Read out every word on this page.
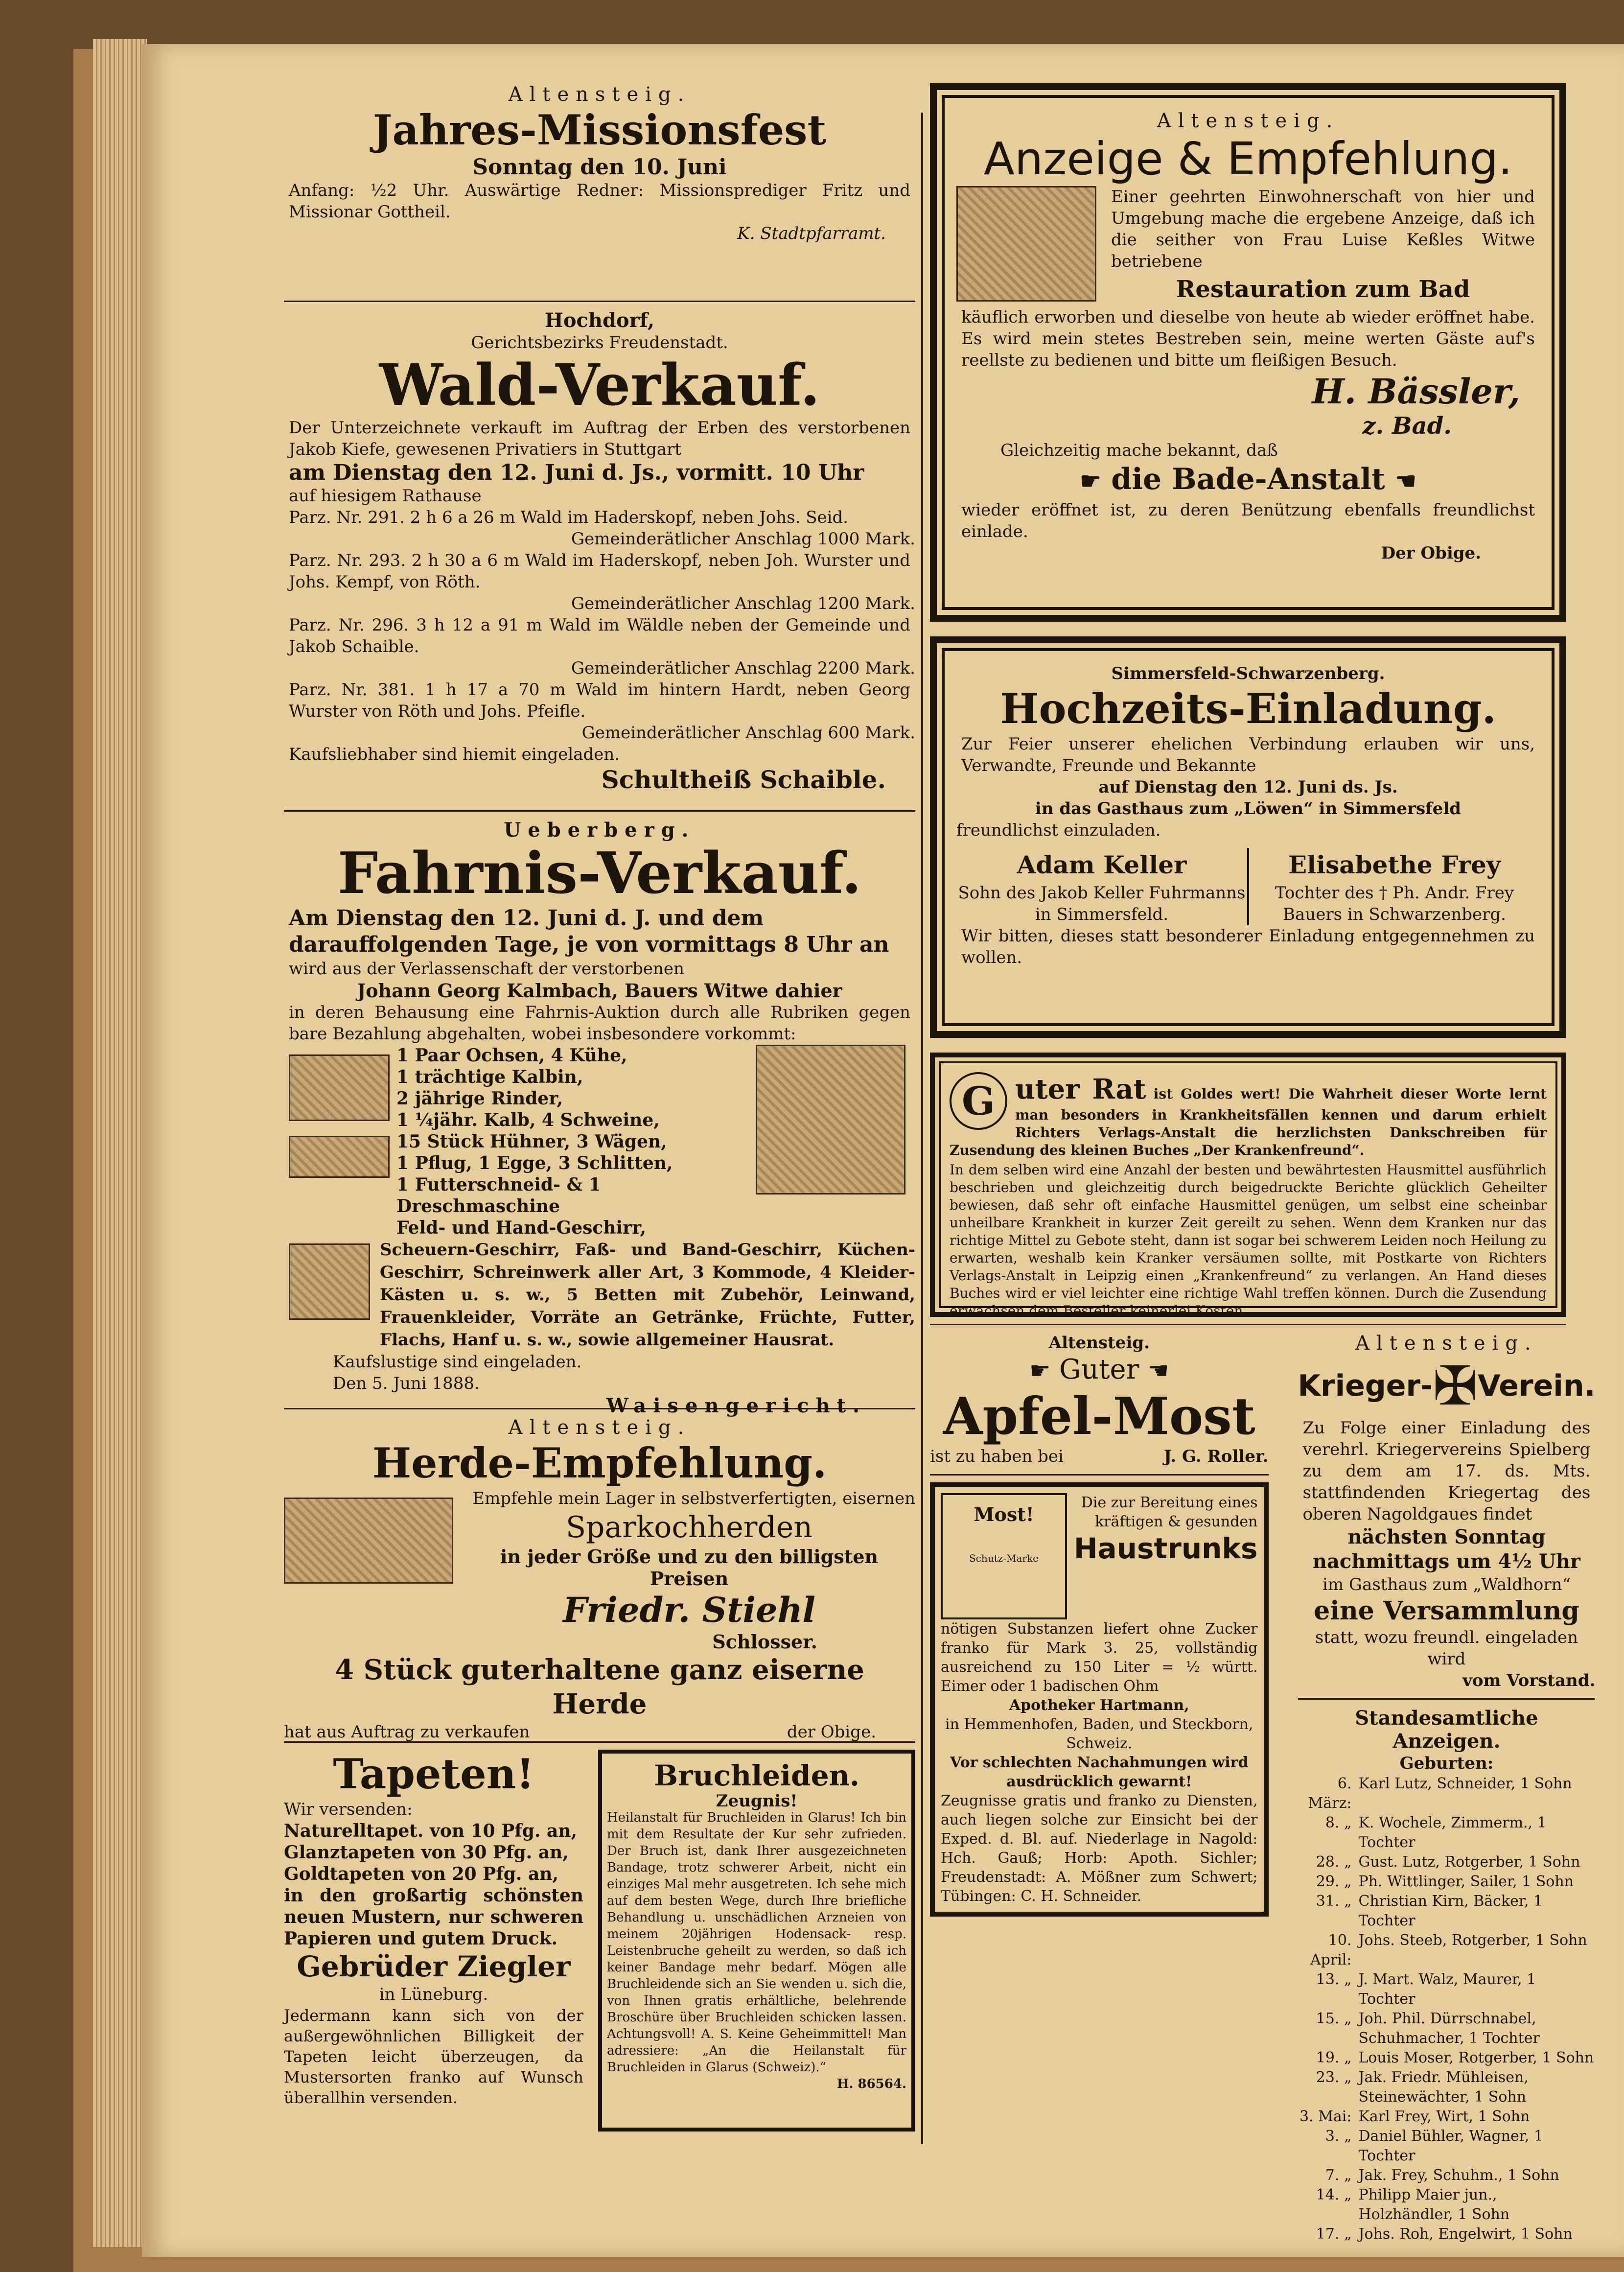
Altensteig.
Jahres-Missionsfest
Sonntag den 10. Juni
Anfang: ½2 Uhr. Auswärtige Redner: Missionsprediger Fritz und Missionar Gottheil.
K. Stadtpfarramt.
Hochdorf,
Gerichtsbezirks Freudenstadt.
Wald-Verkauf.
Der Unterzeichnete verkauft im Auftrag der Erben des verstorbenen Jakob Kiefe, gewesenen Privatiers in Stuttgart
am Dienstag den 12. Juni d. Js., vormitt. 10 Uhr
auf hiesigem Rathause
Parz. Nr. 291. 2 h 6 a 26 m Wald im Haderskopf, neben Johs. Seid.
Gemeinderätlicher Anschlag 1000 Mark.
Parz. Nr. 293. 2 h 30 a 6 m Wald im Haderskopf, neben Joh. Wurster und Johs. Kempf, von Röth.
Gemeinderätlicher Anschlag 1200 Mark.
Parz. Nr. 296. 3 h 12 a 91 m Wald im Wäldle neben der Gemeinde und Jakob Schaible.
Gemeinderätlicher Anschlag 2200 Mark.
Parz. Nr. 381. 1 h 17 a 70 m Wald im hintern Hardt, neben Georg Wurster von Röth und Johs. Pfeifle.
Gemeinderätlicher Anschlag 600 Mark.
Kaufsliebhaber sind hiemit eingeladen.
Schultheiß Schaible.
Ueberberg.
Fahrnis-Verkauf.
Am Dienstag den 12. Juni d. J. und dem darauffolgenden Tage, je von vormittags 8 Uhr an
wird aus der Verlassenschaft der verstorbenen
Johann Georg Kalmbach, Bauers Witwe dahier
in deren Behausung eine Fahrnis-Auktion durch alle Rubriken gegen bare Bezahlung abgehalten, wobei insbesondere vorkommt:
1 Paar Ochsen, 4 Kühe,
1 trächtige Kalbin,
2 jährige Rinder,
1 ¼jähr. Kalb, 4 Schweine,
15 Stück Hühner, 3 Wägen,
1 Pflug, 1 Egge, 3 Schlitten,
1 Futterschneid- & 1 Dreschmaschine
Feld- und Hand-Geschirr,
Scheuern-Geschirr, Faß- und Band-Geschirr, Küchen-Geschirr, Schreinwerk aller Art, 3 Kommode, 4 Kleider-Kästen u. s. w., 5 Betten mit Zubehör, Leinwand, Frauenkleider, Vorräte an Getränke, Früchte, Futter, Flachs, Hanf u. s. w., sowie allgemeiner Hausrat.
Kaufslustige sind eingeladen.
Den 5. Juni 1888.
Waisengericht.
Altensteig.
Herde-Empfehlung.
Empfehle mein Lager in selbstverfertigten, eisernen
Sparkochherden
in jeder Größe und zu den billigsten Preisen
Friedr. Stiehl
Schlosser.
4 Stück guterhaltene ganz eiserne Herde
hat aus Auftrag zu verkaufen	der Obige.
Tapeten!
Wir versenden:
Naturelltapet. von 10 Pfg. an,
Glanztapeten von 30 Pfg. an,
Goldtapeten von 20 Pfg. an,
in den großartig schönsten neuen Mustern, nur schweren Papieren und gutem Druck.
Gebrüder Ziegler
in Lüneburg.
Jedermann kann sich von der außergewöhnlichen Billigkeit der Tapeten leicht überzeugen, da Mustersorten franko auf Wunsch überallhin versenden.
Bruchleiden.
Zeugnis!
Heilanstalt für Bruchleiden in Glarus! Ich bin mit dem Resultate der Kur sehr zufrieden. Der Bruch ist, dank Ihrer ausgezeichneten Bandage, trotz schwerer Arbeit, nicht ein einziges Mal mehr ausgetreten. Ich sehe mich auf dem besten Wege, durch Ihre briefliche Behandlung u. unschädlichen Arzneien von meinem 20jährigen Hodensack- resp. Leistenbruche geheilt zu werden, so daß ich keiner Bandage mehr bedarf. Mögen alle Bruchleidende sich an Sie wenden u. sich die, von Ihnen gratis erhältliche, belehrende Broschüre über Bruchleiden schicken lassen. Achtungsvoll! A. S. Keine Geheimmittel! Man adressiere: „An die Heilanstalt für Bruchleiden in Glarus (Schweiz).“
H. 86564.
Altensteig.
Anzeige & Empfehlung.
Einer geehrten Einwohnerschaft von hier und Umgebung mache die ergebene Anzeige, daß ich die seither von Frau Luise Keßles Witwe betriebene
Restauration zum Bad
käuflich erworben und dieselbe von heute ab wieder eröffnet habe. Es wird mein stetes Bestreben sein, meine werten Gäste auf's reellste zu bedienen und bitte um fleißigen Besuch.
H. Bässler,
z. Bad.
Gleichzeitig mache bekannt, daß
☛ die Bade-Anstalt ☚
wieder eröffnet ist, zu deren Benützung ebenfalls freundlichst einlade.
Der Obige.
Simmersfeld-Schwarzenberg.
Hochzeits-Einladung.
Zur Feier unserer ehelichen Verbindung erlauben wir uns, Verwandte, Freunde und Bekannte
auf Dienstag den 12. Juni ds. Js.
in das Gasthaus zum „Löwen“ in Simmersfeld
freundlichst einzuladen.
Adam Keller
Sohn des Jakob Keller Fuhrmanns in Simmersfeld.
Elisabethe Frey
Tochter des † Ph. Andr. Frey Bauers in Schwarzenberg.
Wir bitten, dieses statt besonderer Einladung entgegennehmen zu wollen.
G uter Rat ist Goldes wert! Die Wahrheit dieser Worte lernt man besonders in Krankheitsfällen kennen und darum erhielt Richters Verlags-Anstalt die herzlichsten Dankschreiben für Zusendung des kleinen Buches „Der Krankenfreund“.
In dem selben wird eine Anzahl der besten und bewährtesten Hausmittel ausführlich beschrieben und gleichzeitig durch beigedruckte Berichte glücklich Geheilter bewiesen, daß sehr oft einfache Hausmittel genügen, um selbst eine scheinbar unheilbare Krankheit in kurzer Zeit gereilt zu sehen. Wenn dem Kranken nur das richtige Mittel zu Gebote steht, dann ist sogar bei schwerem Leiden noch Heilung zu erwarten, weshalb kein Kranker versäumen sollte, mit Postkarte von Richters Verlags-Anstalt in Leipzig einen „Krankenfreund“ zu verlangen. An Hand dieses Buches wird er viel leichter eine richtige Wahl treffen können. Durch die Zusendung erwachsen dem Besteller keinerlei Kosten.
Altensteig.
☛ Guter ☚
Apfel-Most
ist zu haben bei	J. G. Roller.
Most!
Schutz-Marke
Die zur Bereitung eines kräftigen & gesunden
Haustrunks
nötigen Substanzen liefert ohne Zucker franko für Mark 3. 25, vollständig ausreichend zu 150 Liter = ½ württ. Eimer oder 1 badischen Ohm
Apotheker Hartmann,
in Hemmenhofen, Baden, und Steckborn, Schweiz.
Vor schlechten Nachahmungen wird ausdrücklich gewarnt!
Zeugnisse gratis und franko zu Diensten, auch liegen solche zur Einsicht bei der Exped. d. Bl. auf. Niederlage in Nagold: Hch. Gauß; Horb: Apoth. Sichler; Freudenstadt: A. Mößner zum Schwert; Tübingen: C. H. Schneider.
Altensteig.
Krieger- ✠ Verein.
Zu Folge einer Einladung des verehrl. Kriegervereins Spielberg zu dem am 17. ds. Mts. stattfindenden Kriegertag des oberen Nagoldgaues findet
nächsten Sonntag nachmittags um 4½ Uhr
im Gasthaus zum „Waldhorn“
eine Versammlung
statt, wozu freundl. eingeladen wird
vom Vorstand.
Standesamtliche Anzeigen.
Geburten:
6. März:
Karl Lutz, Schneider, 1 Sohn
8. „ K. Wochele, Zimmerm., 1 Tochter
28. „ Gust. Lutz, Rotgerber, 1 Sohn
29. „ Ph. Wittlinger, Sailer, 1 Sohn
31. „ Christian Kirn, Bäcker, 1 Tochter
10. April:
Johs. Steeb, Rotgerber, 1 Sohn
13. „ J. Mart. Walz, Maurer, 1 Tochter
15. „ Joh. Phil. Dürrschnabel, Schuhmacher, 1 Tochter
19. „ Louis Moser, Rotgerber, 1 Sohn
23. „ Jak. Friedr. Mühleisen, Steinewächter, 1 Sohn
3. Mai: Karl Frey, Wirt, 1 Sohn
3. „ Daniel Bühler, Wagner, 1 Tochter
7. „ Jak. Frey, Schuhm., 1 Sohn
14. „ Philipp Maier jun., Holzhändler, 1 Sohn
17. „ Johs. Roh, Engelwirt, 1 Sohn
